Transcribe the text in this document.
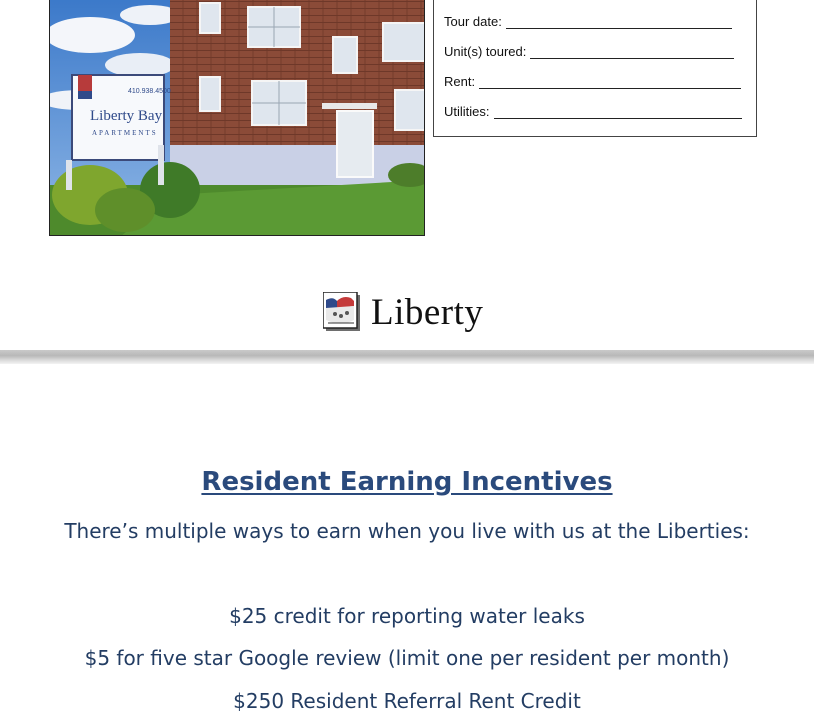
410.938.4500
Liberty Bay
APARTMENTS
Tour date:
Unit(s) toured:
Rent:
Utilities:
Liberty
Resident Earning Incentives
There’s multiple ways to earn when you live with us at the Liberties:
$25 credit for reporting water leaks
$5 for five star Google review (limit one per resident per month)
$250 Resident Referral Rent Credit
